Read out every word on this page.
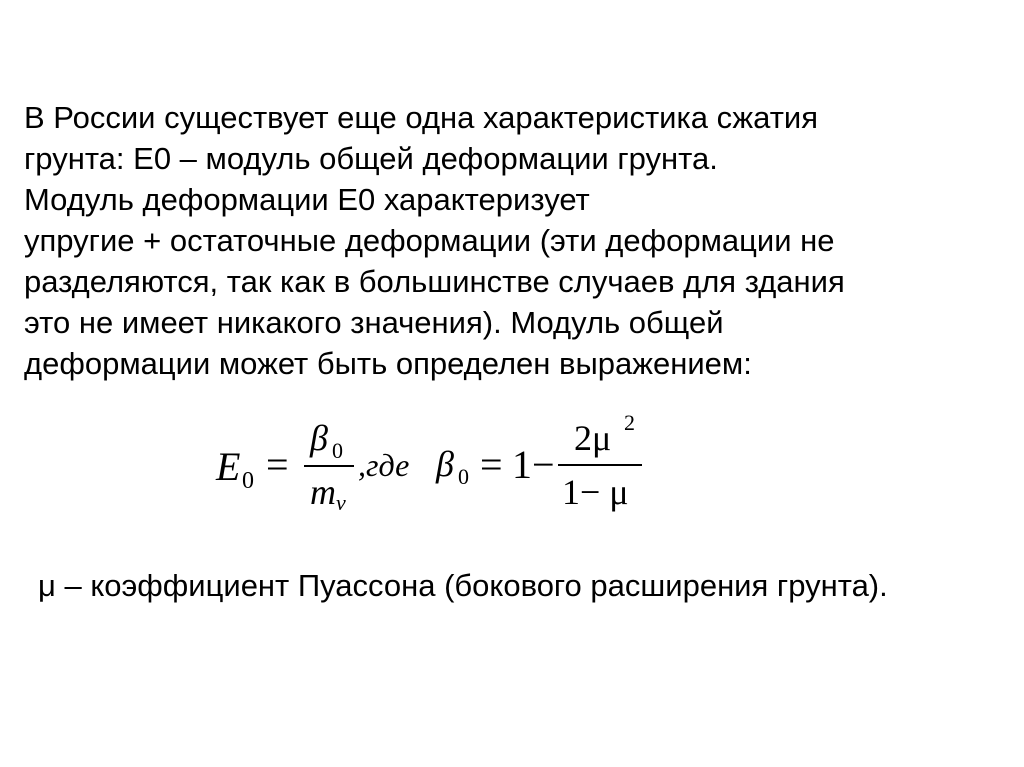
В России существует еще одна характеристика сжатия

грунта: Е0 – модуль общей деформации грунта.

Модуль деформации Е0 характеризует

упругие + остаточные деформации (эти деформации не

разделяются, так как в большинстве случаев для здания

это не имеет никакого значения). Модуль общей

деформации может быть определен выражением:

E 0 =
β 0
m v
,где β 0 = 1−
2μ 2
1− μ

μ – коэффициент Пуассона (бокового расширения грунта).
